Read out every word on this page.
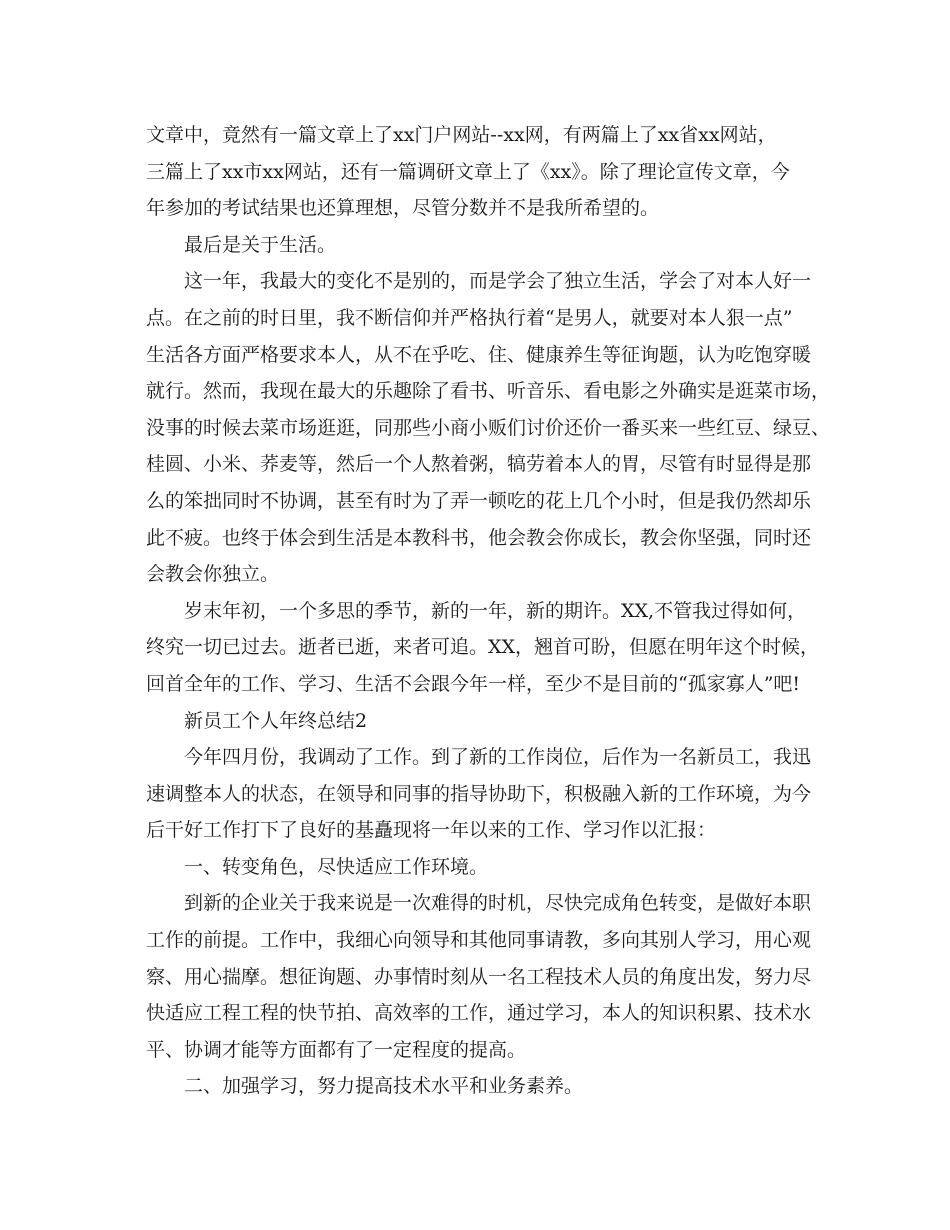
文章中，竟然有一篇文章上了xx门户网站--xx网，有两篇上了xx省xx网站，
三篇上了xx市xx网站，还有一篇调研文章上了《xx》。除了理论宣传文章，今
年参加的考试结果也还算理想，尽管分数并不是我所希望的。
最后是关于生活。
这一年，我最大的变化不是别的，而是学会了独立生活，学会了对本人好一
点。在之前的时日里，我不断信仰并严格执行着“是男人，就要对本人狠一点”
生活各方面严格要求本人，从不在乎吃、住、健康养生等征询题，认为吃饱穿暖
就行。然而，我现在最大的乐趣除了看书、听音乐、看电影之外确实是逛菜市场，
没事的时候去菜市场逛逛，同那些小商小贩们讨价还价一番买来一些红豆、绿豆、
桂圆、小米、荞麦等，然后一个人熬着粥，犒劳着本人的胃，尽管有时显得是那
么的笨拙同时不协调，甚至有时为了弄一顿吃的花上几个小时，但是我仍然却乐
此不疲。也终于体会到生活是本教科书，他会教会你成长，教会你坚强，同时还
会教会你独立。
岁末年初，一个多思的季节，新的一年，新的期许。XX,不管我过得如何，
终究一切已过去。逝者已逝，来者可追。XX，翘首可盼，但愿在明年这个时候，
回首全年的工作、学习、生活不会跟今年一样，至少不是目前的“孤家寡人”吧!
新员工个人年终总结2
今年四月份，我调动了工作。到了新的工作岗位，后作为一名新员工，我迅
速调整本人的状态，在领导和同事的指导协助下，积极融入新的工作环境，为今
后干好工作打下了良好的基矗现将一年以来的工作、学习作以汇报：
一、转变角色，尽快适应工作环境。
到新的企业关于我来说是一次难得的时机，尽快完成角色转变，是做好本职
工作的前提。工作中，我细心向领导和其他同事请教，多向其别人学习，用心观
察、用心揣摩。想征询题、办事情时刻从一名工程技术人员的角度出发，努力尽
快适应工程工程的快节拍、高效率的工作，通过学习，本人的知识积累、技术水
平、协调才能等方面都有了一定程度的提高。
二、加强学习，努力提高技术水平和业务素养。
